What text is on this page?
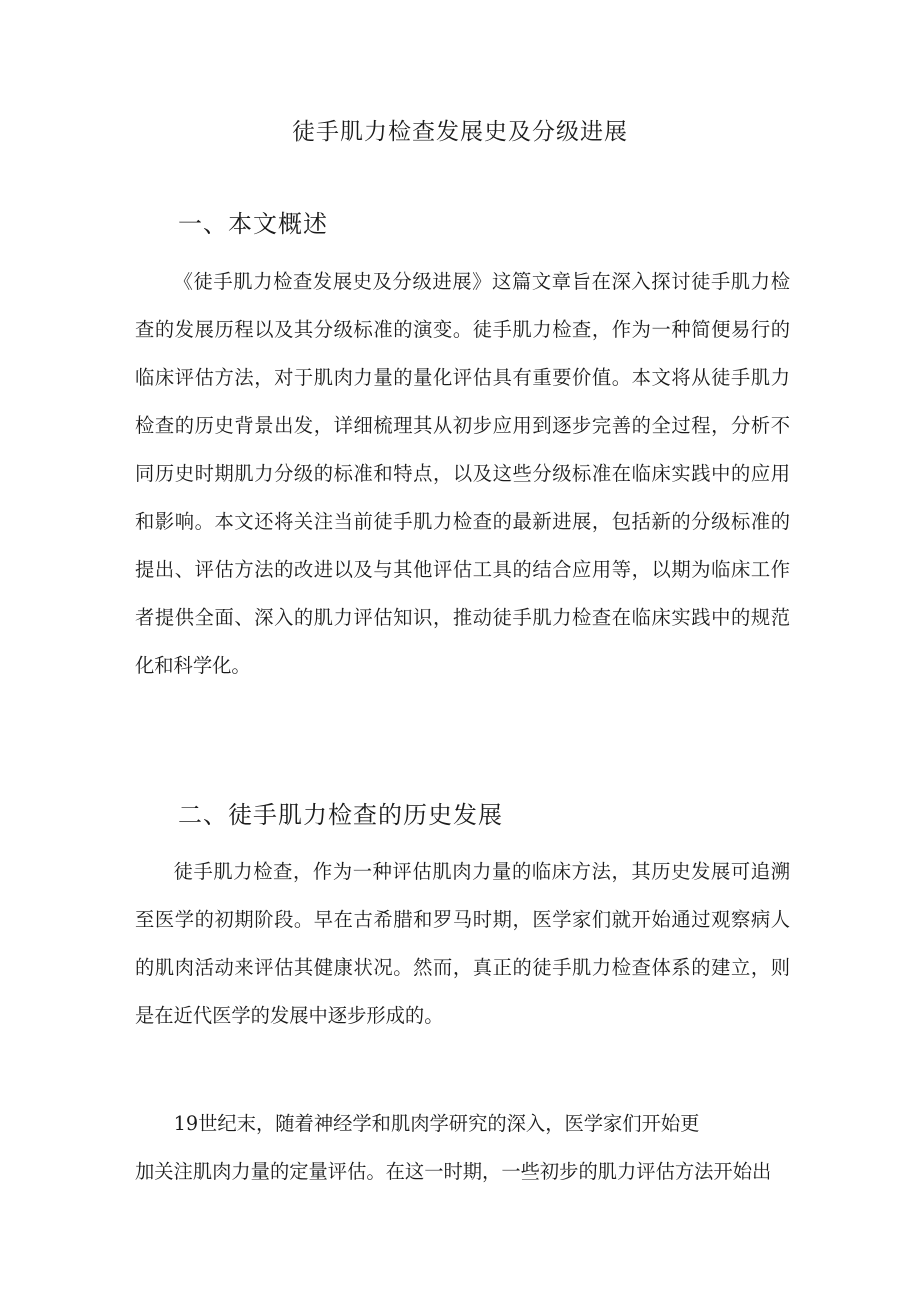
徒手肌力检查发展史及分级进展
一、本文概述

《徒手肌力检查发展史及分级进展》这篇文章旨在深入探讨徒手肌力检查的发展历程以及其分级标准的演变。徒手肌力检查，作为一种简便易行的临床评估方法，对于肌肉力量的量化评估具有重要价值。本文将从徒手肌力检查的历史背景出发，详细梳理其从初步应用到逐步完善的全过程，分析不同历史时期肌力分级的标准和特点，以及这些分级标准在临床实践中的应用和影响。本文还将关注当前徒手肌力检查的最新进展，包括新的分级标准的提出、评估方法的改进以及与其他评估工具的结合应用等，以期为临床工作者提供全面、深入的肌力评估知识，推动徒手肌力检查在临床实践中的规范化和科学化。

二、徒手肌力检查的历史发展

徒手肌力检查，作为一种评估肌肉力量的临床方法，其历史发展可追溯至医学的初期阶段。早在古希腊和罗马时期，医学家们就开始通过观察病人的肌肉活动来评估其健康状况。然而，真正的徒手肌力检查体系的建立，则是在近代医学的发展中逐步形成的。

19世纪末，随着神经学和肌肉学研究的深入，医学家们开始更

加关注肌肉力量的定量评估。在这一时期，一些初步的肌力评估方法开始出
